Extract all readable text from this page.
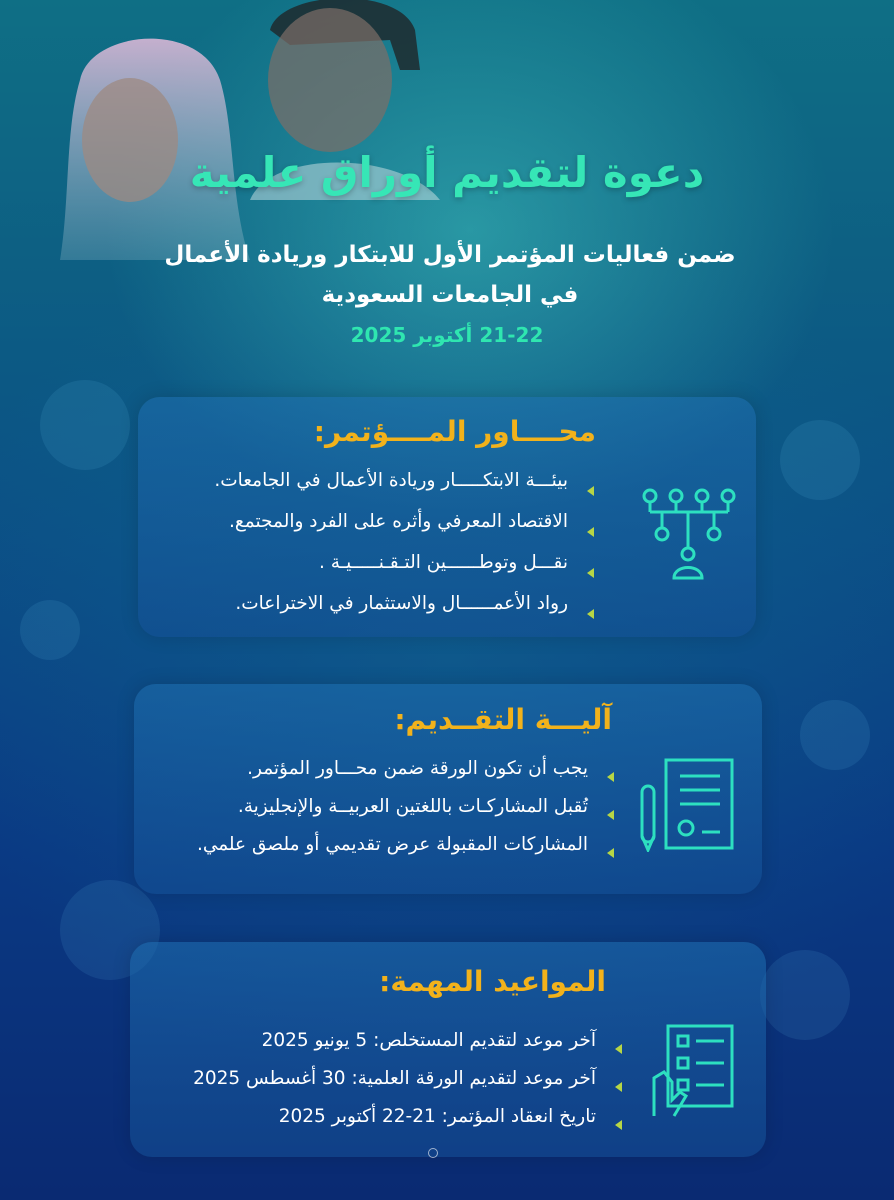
دعوة لتقديم أوراق علمية
ضمن فعاليات المؤتمر الأول للابتكار وريادة الأعمال
في الجامعات السعودية
21-22 أكتوبر 2025
محــــاور المــــؤتمر:
بيئـــة الابتكـــــار وريادة الأعمال في الجامعات.
الاقتصاد المعرفي وأثره على الفرد والمجتمع.
نقـــل وتوطــــــين التـقـنـــــيـة .
رواد الأعمــــــال والاستثمار في الاختراعات.
آليـــة التقــديم:
يجب أن تكون الورقة ضمن محـــاور المؤتمر.
تُقبل المشاركـات باللغتين العربيــة والإنجليزية.
المشاركات المقبولة عرض تقديمي أو ملصق علمي.
المواعيد المهمة:
آخر موعد لتقديم المستخلص: 5 يونيو 2025
آخر موعد لتقديم الورقة العلمية: 30 أغسطس 2025
تاريخ انعقاد المؤتمر: 21-22 أكتوبر 2025
